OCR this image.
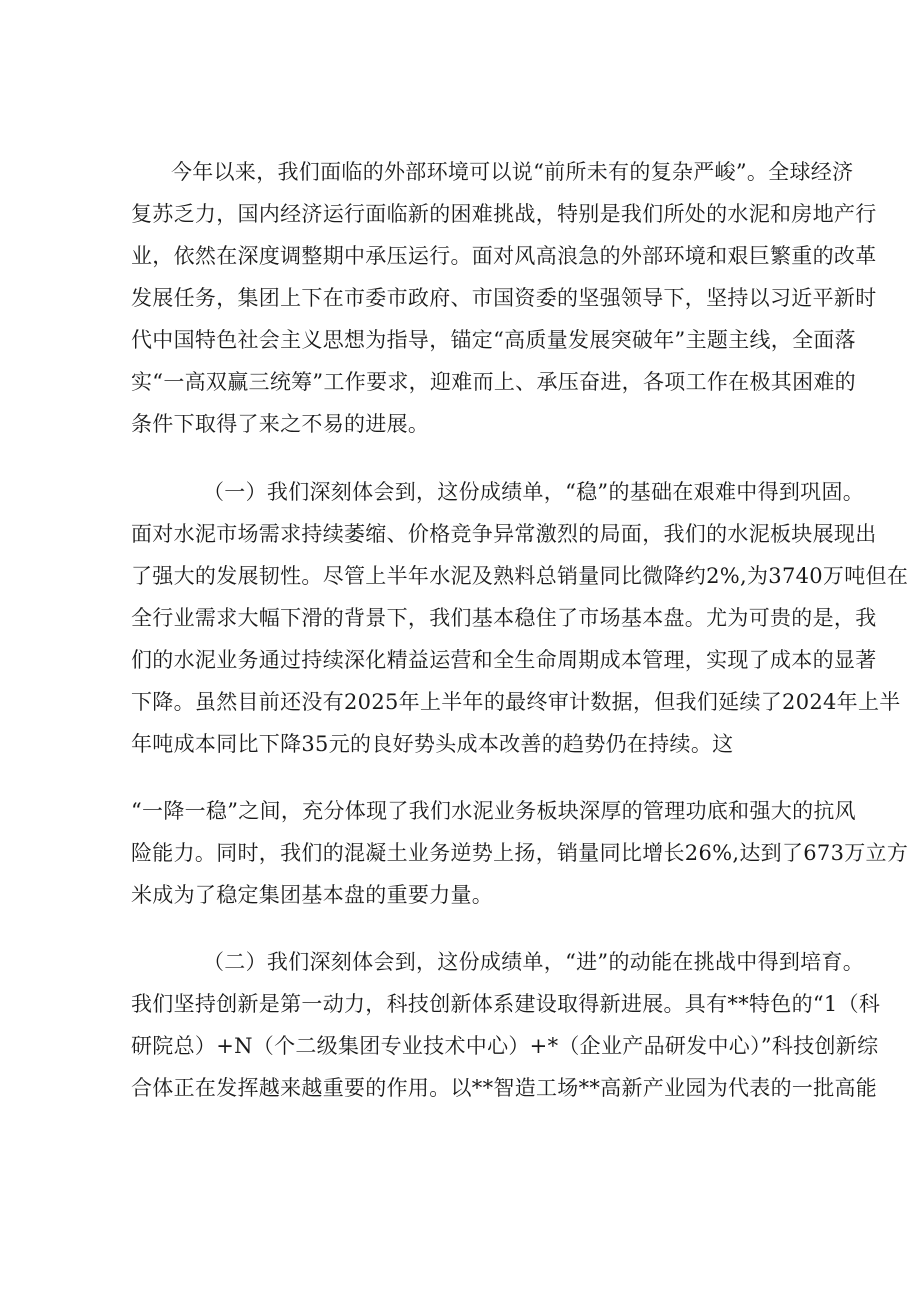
今年以来，我们面临的外部环境可以说“前所未有的复杂严峻”。全球经济
复苏乏力，国内经济运行面临新的困难挑战，特别是我们所处的水泥和房地产行
业，依然在深度调整期中承压运行。面对风高浪急的外部环境和艰巨繁重的改革
发展任务，集团上下在市委市政府、市国资委的坚强领导下，坚持以习近平新时
代中国特色社会主义思想为指导，锚定“高质量发展突破年”主题主线，全面落
实“一高双赢三统筹”工作要求，迎难而上、承压奋进，各项工作在极其困难的
条件下取得了来之不易的进展。
（一）我们深刻体会到，这份成绩单，“稳”的基础在艰难中得到巩固。
面对水泥市场需求持续萎缩、价格竞争异常激烈的局面，我们的水泥板块展现出
了强大的发展韧性。尽管上半年水泥及熟料总销量同比微降约2%,为3740万吨但在
全行业需求大幅下滑的背景下，我们基本稳住了市场基本盘。尤为可贵的是，我
们的水泥业务通过持续深化精益运营和全生命周期成本管理，实现了成本的显著
下降。虽然目前还没有2025年上半年的最终审计数据，但我们延续了2024年上半
年吨成本同比下降35元的良好势头成本改善的趋势仍在持续。这
“一降一稳”之间，充分体现了我们水泥业务板块深厚的管理功底和强大的抗风
险能力。同时，我们的混凝土业务逆势上扬，销量同比增长26%,达到了673万立方
米成为了稳定集团基本盘的重要力量。
（二）我们深刻体会到，这份成绩单，“进”的动能在挑战中得到培育。
我们坚持创新是第一动力，科技创新体系建设取得新进展。具有**特色的“1（科
研院总）+N（个二级集团专业技术中心）+*（企业产品研发中心）”科技创新综
合体正在发挥越来越重要的作用。以**智造工场**高新产业园为代表的一批高能
